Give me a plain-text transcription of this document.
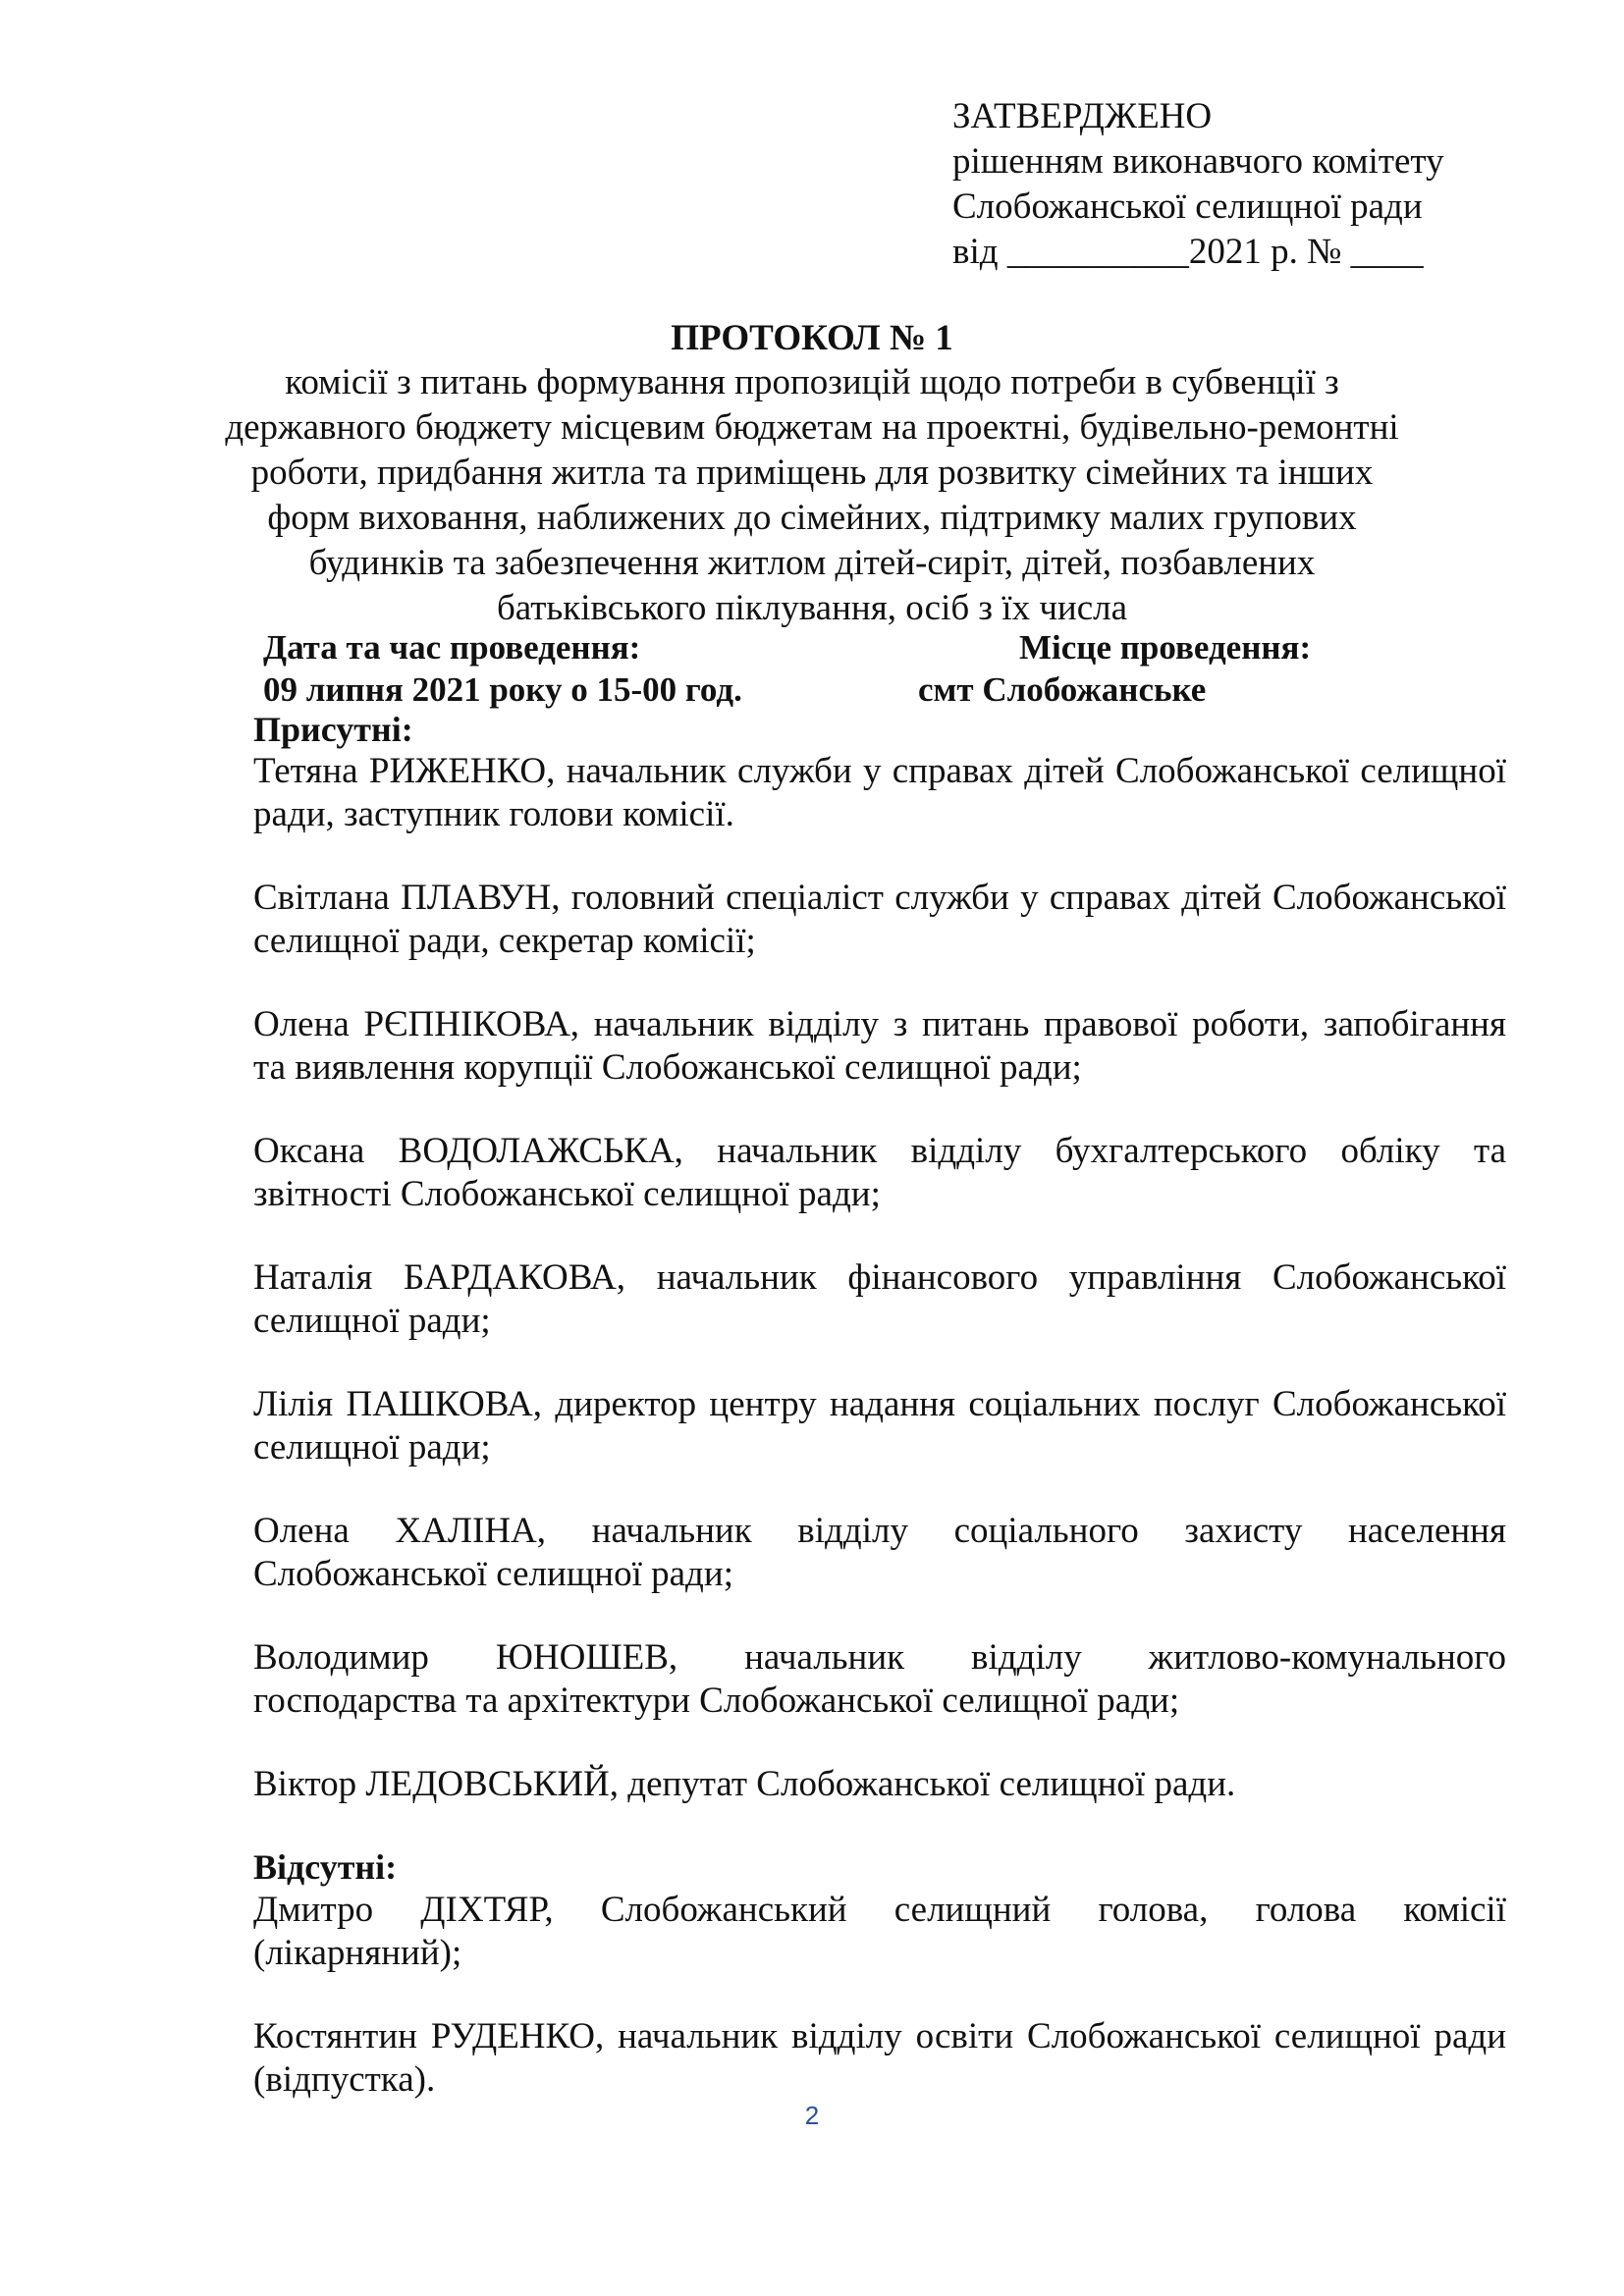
ЗАТВЕРДЖЕНО
рішенням виконавчого комітету
Слобожанської селищної ради
від __________2021 р. № ____
ПРОТОКОЛ № 1
комісії з питань формування пропозицій щодо потреби в субвенції з
державного бюджету місцевим бюджетам на проектні, будівельно-ремонтні
роботи, придбання житла та приміщень для розвитку сімейних та інших
форм виховання, наближених до сімейних, підтримку малих групових
будинків та забезпечення житлом дітей-сиріт, дітей, позбавлених
батьківського піклування, осіб з їх числа
Дата та час проведення:	Місце проведення:
09 липня 2021 року о 15-00 год.	смт Слобожанське
Присутні:
Тетяна РИЖЕНКО, начальник служби у справах дітей Слобожанської селищної
ради, заступник голови комісії.
Світлана ПЛАВУН, головний спеціаліст служби у справах дітей Слобожанської
селищної ради, секретар комісії;
Олена РЄПНІКОВА, начальник відділу з питань правової роботи, запобігання
та виявлення корупції Слобожанської селищної ради;
Оксана ВОДОЛАЖСЬКА, начальник відділу бухгалтерського обліку та
звітності Слобожанської селищної ради;
Наталія БАРДАКОВА, начальник фінансового управління Слобожанської
селищної ради;
Лілія ПАШКОВА, директор центру надання соціальних послуг Слобожанської
селищної ради;
Олена ХАЛІНА, начальник відділу соціального захисту населення
Слобожанської селищної ради;
Володимир ЮНОШЕВ, начальник відділу житлово-комунального
господарства та архітектури Слобожанської селищної ради;
Віктор ЛЕДОВСЬКИЙ, депутат Слобожанської селищної ради.
Відсутні:
Дмитро ДІХТЯР, Слобожанський селищний голова, голова комісії
(лікарняний);
Костянтин РУДЕНКО, начальник відділу освіти Слобожанської селищної ради
(відпустка).
2
